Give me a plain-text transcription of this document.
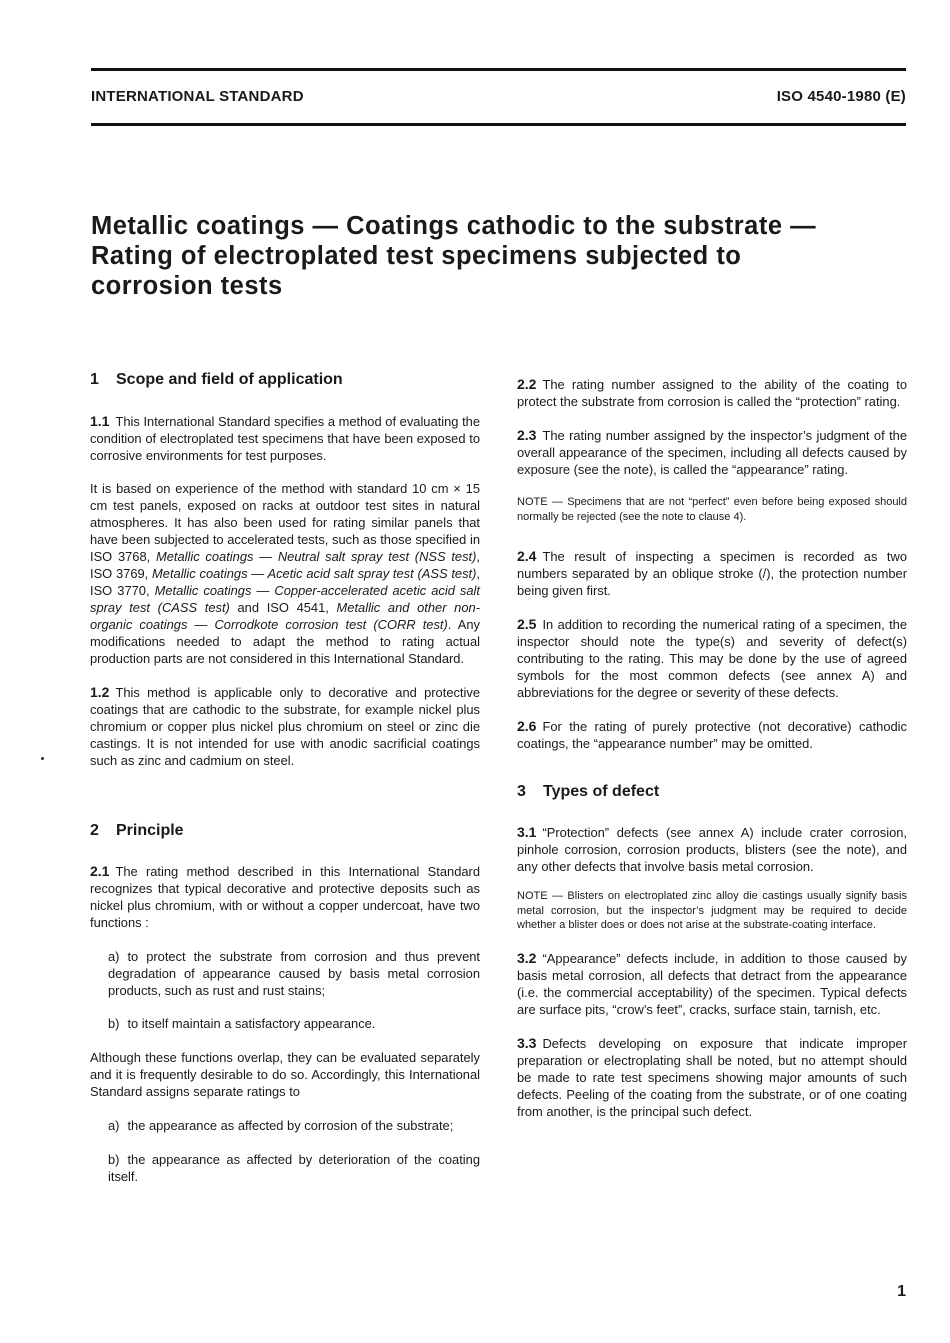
INTERNATIONAL STANDARD	ISO 4540-1980 (E)
Metallic coatings — Coatings cathodic to the substrate —
Rating of electroplated test specimens subjected to
corrosion tests
1 Scope and field of application

1.1 This International Standard specifies a method of evaluating the condition of electroplated test specimens that have been exposed to corrosive environments for test purposes.

It is based on experience of the method with standard 10 cm × 15 cm test panels, exposed on racks at outdoor test sites in natural atmospheres. It has also been used for rating similar panels that have been subjected to accelerated tests, such as those specified in ISO 3768, Metallic coatings — Neutral salt spray test (NSS test), ISO 3769, Metallic coatings — Acetic acid salt spray test (ASS test), ISO 3770, Metallic coatings — Copper-accelerated acetic acid salt spray test (CASS test) and ISO 4541, Metallic and other non-organic coatings — Corrodkote corrosion test (CORR test). Any modifications needed to adapt the method to rating actual production parts are not considered in this International Standard.

1.2 This method is applicable only to decorative and protective coatings that are cathodic to the substrate, for example nickel plus chromium or copper plus nickel plus chromium on steel or zinc die castings. It is not intended for use with anodic sacrificial coatings such as zinc and cadmium on steel.

2 Principle

2.1 The rating method described in this International Standard recognizes that typical decorative and protective deposits such as nickel plus chromium, with or without a copper undercoat, have two functions :

a) to protect the substrate from corrosion and thus prevent degradation of appearance caused by basis metal corrosion products, such as rust and rust stains;
b) to itself maintain a satisfactory appearance.

Although these functions overlap, they can be evaluated separately and it is frequently desirable to do so. Accordingly, this International Standard assigns separate ratings to

a) the appearance as affected by corrosion of the substrate;
b) the appearance as affected by deterioration of the coating itself.

2.2 The rating number assigned to the ability of the coating to protect the substrate from corrosion is called the “protection” rating.

2.3 The rating number assigned by the inspector’s judgment of the overall appearance of the specimen, including all defects caused by exposure (see the note), is called the “appearance” rating.

NOTE — Specimens that are not “perfect” even before being exposed should normally be rejected (see the note to clause 4).

2.4 The result of inspecting a specimen is recorded as two numbers separated by an oblique stroke (/), the protection number being given first.

2.5 In addition to recording the numerical rating of a specimen, the inspector should note the type(s) and severity of defect(s) contributing to the rating. This may be done by the use of agreed symbols for the most common defects (see annex A) and abbreviations for the degree or severity of these defects.

2.6 For the rating of purely protective (not decorative) cathodic coatings, the “appearance number” may be omitted.

3 Types of defect

3.1 “Protection” defects (see annex A) include crater corrosion, pinhole corrosion, corrosion products, blisters (see the note), and any other defects that involve basis metal corrosion.

NOTE — Blisters on electroplated zinc alloy die castings usually signify basis metal corrosion, but the inspector’s judgment may be required to decide whether a blister does or does not arise at the substrate-coating interface.

3.2 “Appearance” defects include, in addition to those caused by basis metal corrosion, all defects that detract from the appearance (i.e. the commercial acceptability) of the specimen. Typical defects are surface pits, “crow’s feet”, cracks, surface stain, tarnish, etc.

3.3 Defects developing on exposure that indicate improper preparation or electroplating shall be noted, but no attempt should be made to rate test specimens showing major amounts of such defects. Peeling of the coating from the substrate, or of one coating from another, is the principal such defect.

1
